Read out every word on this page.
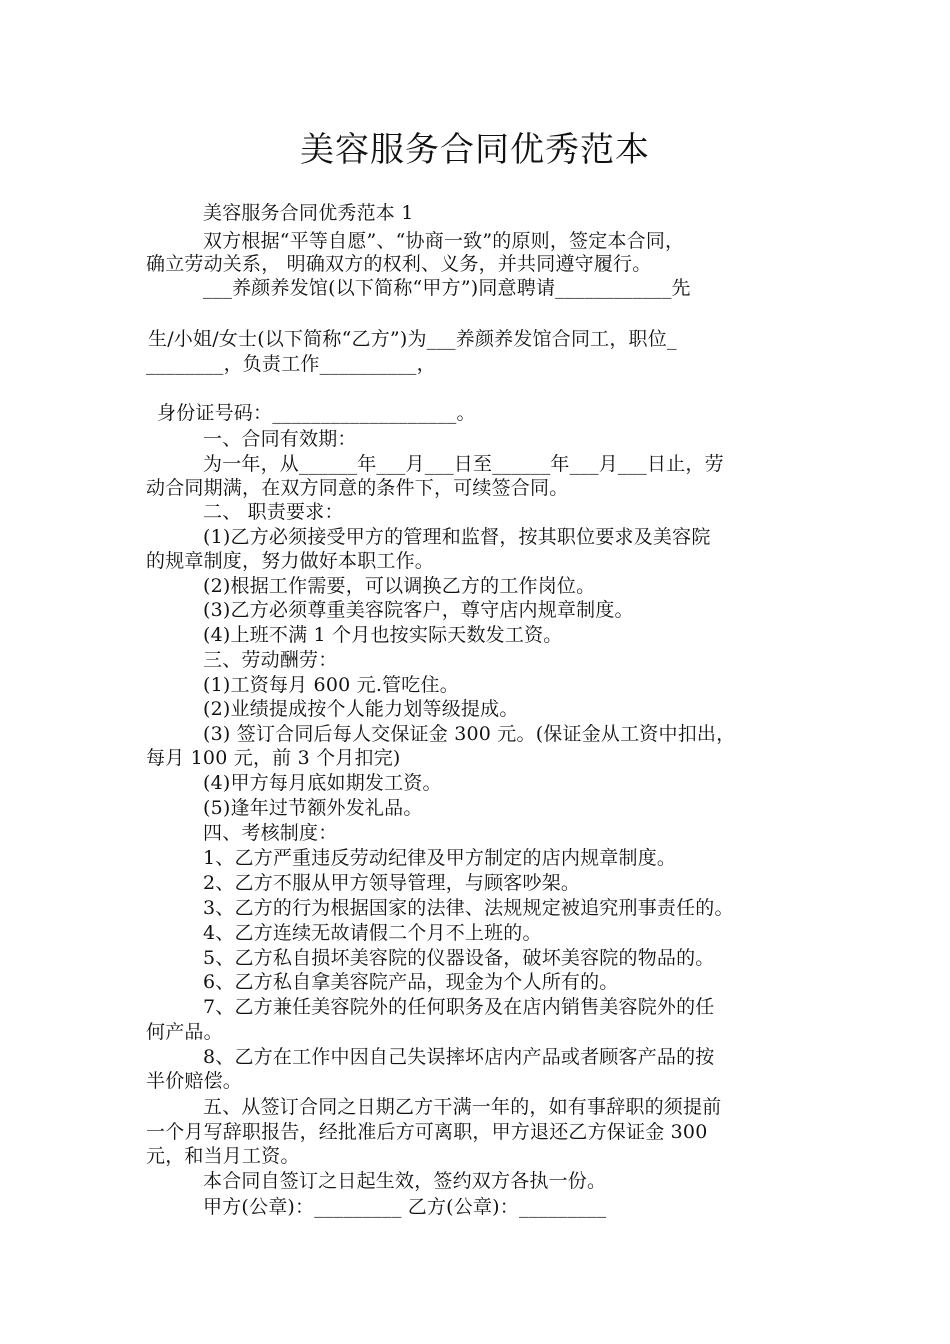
美容服务合同优秀范本
美容服务合同优秀范本 1
双方根据“平等自愿”、“协商一致”的原则，签定本合同，
确立劳动关系， 明确双方的权利、义务，并共同遵守履行。
___养颜养发馆(以下简称“甲方”)同意聘请____________先
生/小姐/女士(以下简称“乙方”)为___养颜养发馆合同工，职位_
________，负责工作__________，
身份证号码：___________________。
一、合同有效期：
为一年，从______年___月___日至______年___月___日止，劳
动合同期满，在双方同意的条件下，可续签合同。
二、 职责要求：
(1)乙方必须接受甲方的管理和监督，按其职位要求及美容院
的规章制度，努力做好本职工作。
(2)根据工作需要，可以调换乙方的工作岗位。
(3)乙方必须尊重美容院客户，尊守店内规章制度。
(4)上班不满 1 个月也按实际天数发工资。
三、劳动酬劳：
(1)工资每月 600 元.管吃住。
(2)业绩提成按个人能力划等级提成。
(3) 签订合同后每人交保证金 300 元。(保证金从工资中扣出，
每月 100 元，前 3 个月扣完)
(4)甲方每月底如期发工资。
(5)逢年过节额外发礼品。
四、考核制度：
1、乙方严重违反劳动纪律及甲方制定的店内规章制度。
2、乙方不服从甲方领导管理，与顾客吵架。
3、乙方的行为根据国家的法律、法规规定被追究刑事责任的。
4、乙方连续无故请假二个月不上班的。
5、乙方私自损坏美容院的仪器设备，破坏美容院的物品的。
6、乙方私自拿美容院产品，现金为个人所有的。
7、乙方兼任美容院外的任何职务及在店内销售美容院外的任
何产品。
8、乙方在工作中因自己失误摔坏店内产品或者顾客产品的按
半价赔偿。
五、从签订合同之日期乙方干满一年的，如有事辞职的须提前
一个月写辞职报告，经批准后方可离职，甲方退还乙方保证金 300
元，和当月工资。
本合同自签订之日起生效，签约双方各执一份。
甲方(公章)：_________ 乙方(公章)：_________
